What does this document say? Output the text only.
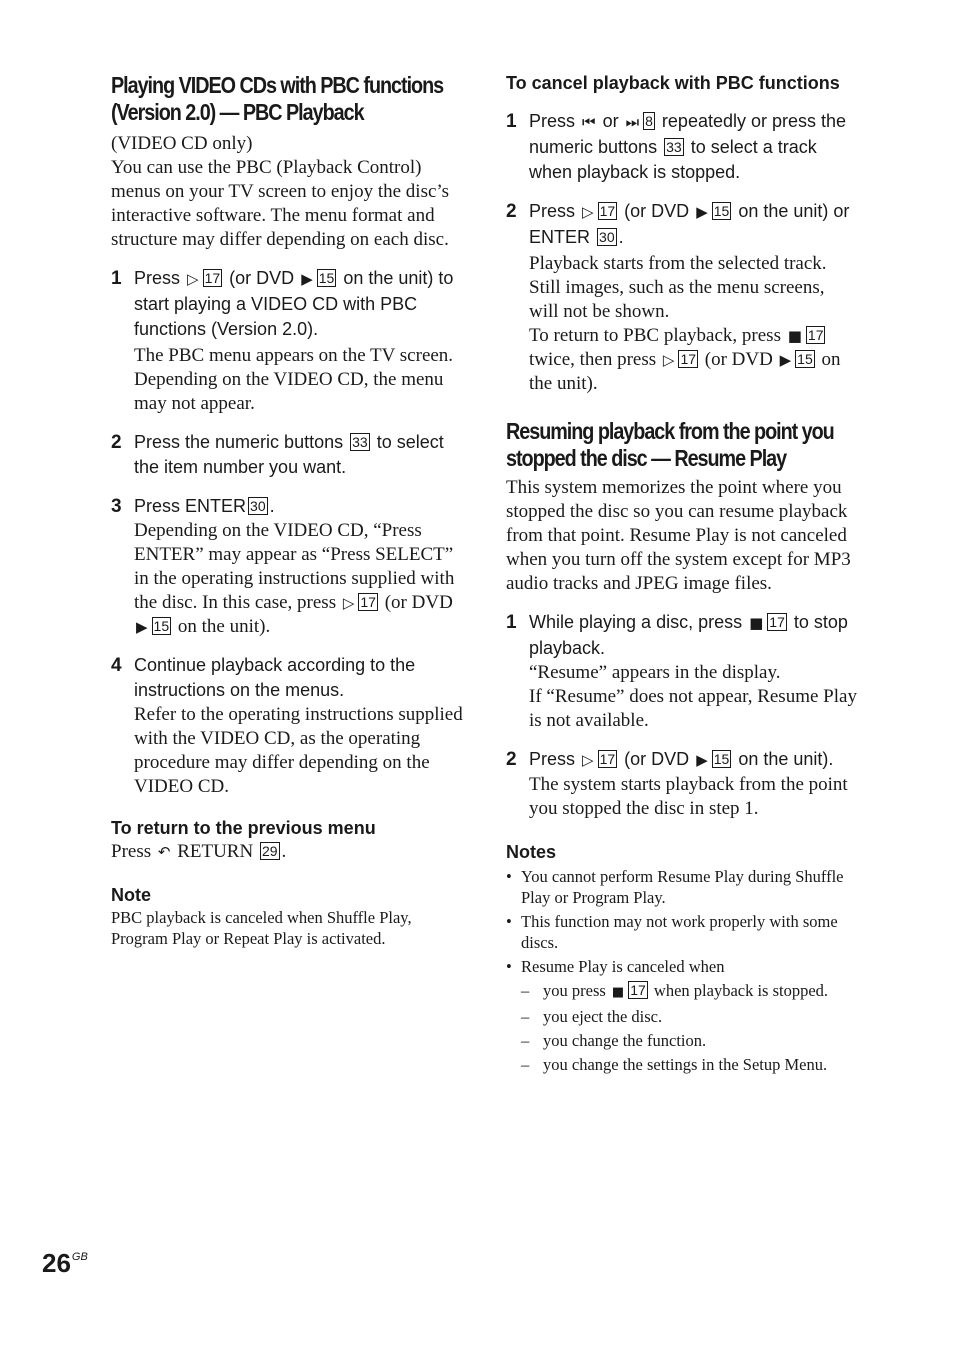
Playing VIDEO CDs with PBC functions (Version 2.0) — PBC Playback

(VIDEO CD only)

You can use the PBC (Playback Control) menus on your TV screen to enjoy the disc’s interactive software. The menu format and structure may differ depending on each disc.

1 Press ▷ 17 (or DVD ▶ 15 on the unit) to start playing a VIDEO CD with PBC functions (Version 2.0).

The PBC menu appears on the TV screen. Depending on the VIDEO CD, the menu may not appear.

2 Press the numeric buttons 33 to select the item number you want.
3 Press ENTER 30 .
Depending on the VIDEO CD, “Press ENTER” may appear as “Press SELECT” in the operating instructions supplied with the disc. In this case, press ▷ 17 (or DVD ▶ 15 on the unit).
4 Continue playback according to the instructions on the menus.

Refer to the operating instructions supplied with the VIDEO CD, as the operating procedure may differ depending on the VIDEO CD.

To return to the previous menu
Press ↶ RETURN 29 .
Note

PBC playback is canceled when Shuffle Play, Program Play or Repeat Play is activated.

To cancel playback with PBC functions
1 Press ⏮ or ⏭ 8 repeatedly or press the numeric buttons 33 to select a track when playback is stopped.
2 Press ▷ 17 (or DVD ▶ 15 on the unit) or ENTER 30 .

Playback starts from the selected track. Still images, such as the menu screens, will not be shown.

To return to PBC playback, press ■ 17 twice, then press ▷ 17 (or DVD ▶ 15 on the unit).
Resuming playback from the point you stopped the disc — Resume Play

This system memorizes the point where you stopped the disc so you can resume playback from that point. Resume Play is not canceled when you turn off the system except for MP3 audio tracks and JPEG image files.

1 While playing a disc, press ■ 17 to stop playback.

“Resume” appears in the display.

If “Resume” does not appear, Resume Play is not available.

2 Press ▷ 17 (or DVD ▶ 15 on the unit).

The system starts playback from the point you stopped the disc in step 1.

Notes
• You cannot perform Resume Play during Shuffle Play or Program Play.
• This function may not work properly with some discs.
• Resume Play is canceled when
– you press ■ 17 when playback is stopped.
– you eject the disc.
– you change the function.
– you change the settings in the Setup Menu.
$26^{GB}$
